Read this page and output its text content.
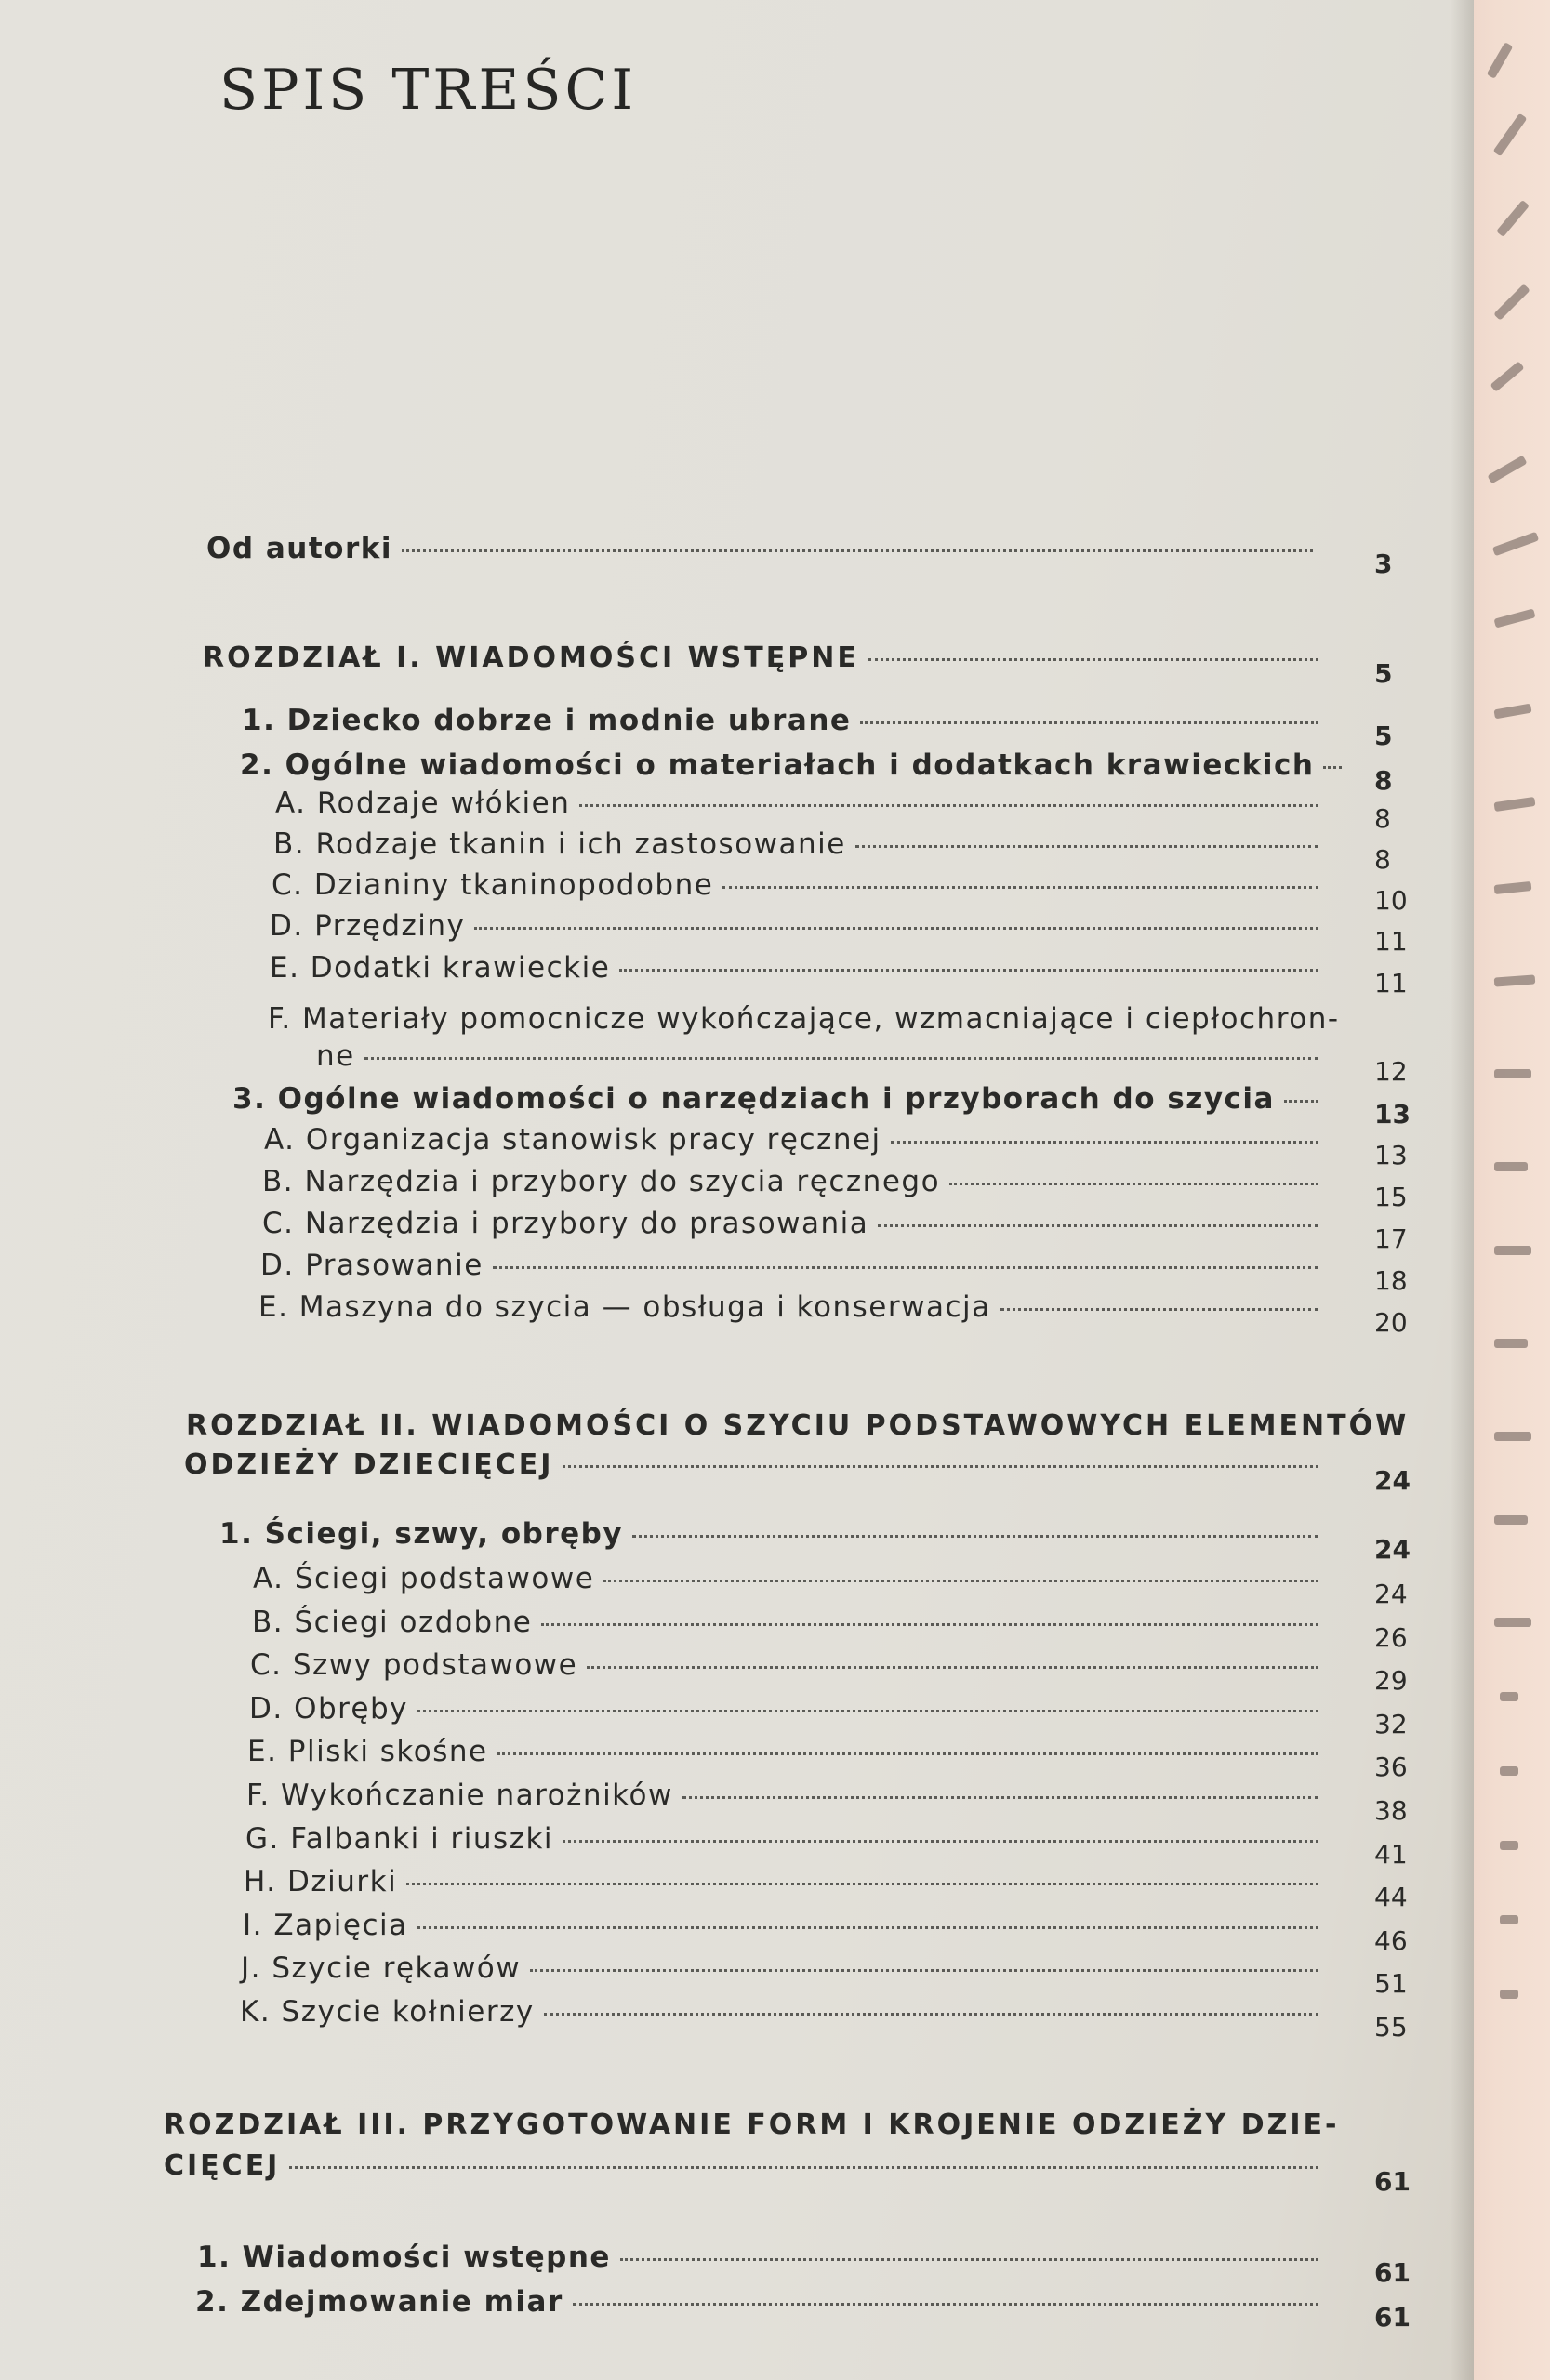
SPIS TREŚCI
Od autorki	3
ROZDZIAŁ I. WIADOMOŚCI WSTĘPNE	5
1. Dziecko dobrze i modnie ubrane	5
2. Ogólne wiadomości o materiałach i dodatkach krawieckich 8
A. Rodzaje włókien	8
B. Rodzaje tkanin i ich zastosowanie	8
C. Dzianiny tkaninopodobne	10
D. Przędziny	11
E. Dodatki krawieckie	11
F. Materiały pomocnicze wykończające, wzmacniające i ciepłochron-
ne	12
3. Ogólne wiadomości o narzędziach i przyborach do szycia	13
A. Organizacja stanowisk pracy ręcznej	13
B. Narzędzia i przybory do szycia ręcznego	15
C. Narzędzia i przybory do prasowania	17
D. Prasowanie	18
E. Maszyna do szycia — obsługa i konserwacja	20
ROZDZIAŁ II. WIADOMOŚCI O SZYCIU PODSTAWOWYCH ELEMENTÓW
ODZIEŻY DZIECIĘCEJ	24
1. Ściegi, szwy, obręby	24
A. Ściegi podstawowe	24
B. Ściegi ozdobne	26
C. Szwy podstawowe	29
D. Obręby	32
E. Pliski skośne	36
F. Wykończanie narożników	38
G. Falbanki i riuszki	41
H. Dziurki	44
I. Zapięcia	46
J. Szycie rękawów	51
K. Szycie kołnierzy	55
ROZDZIAŁ III. PRZYGOTOWANIE FORM I KROJENIE ODZIEŻY DZIE-
CIĘCEJ	61
1. Wiadomości wstępne	61
2. Zdejmowanie miar	61
